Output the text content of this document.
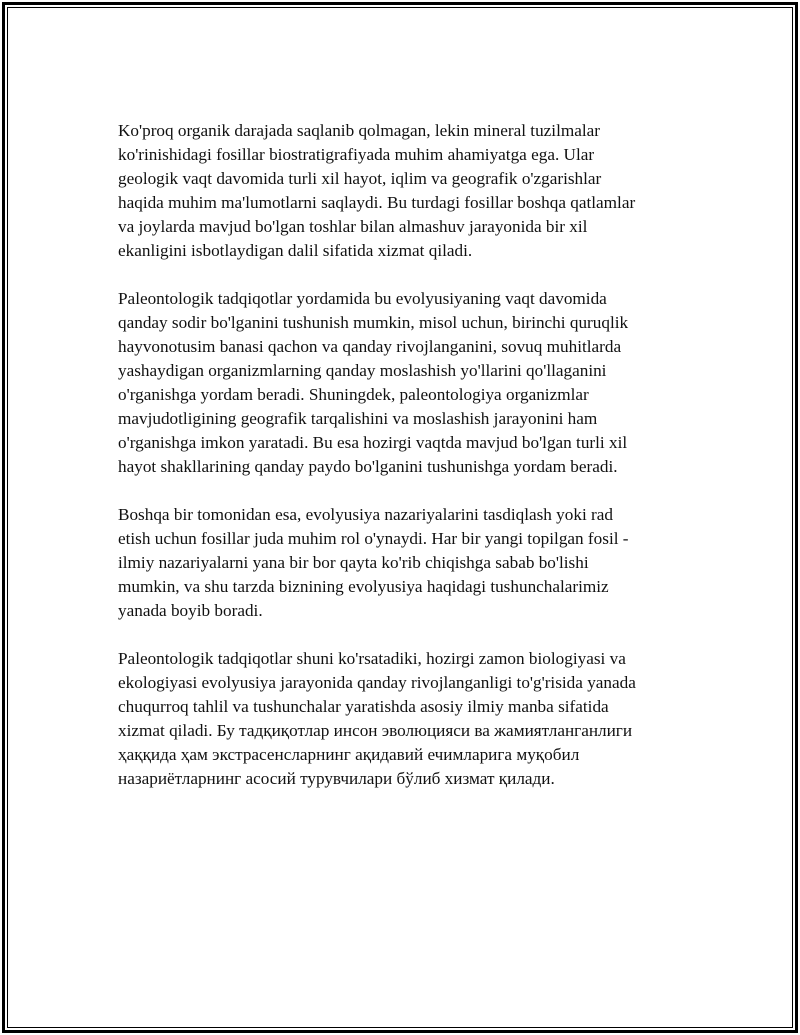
Ko'proq organik darajada saqlanib qolmagan, lekin mineral tuzilmalar
ko'rinishidagi fosillar biostratigrafiyada muhim ahamiyatga ega. Ular
geologik vaqt davomida turli xil hayot, iqlim va geografik o'zgarishlar
haqida muhim ma'lumotlarni saqlaydi. Bu turdagi fosillar boshqa qatlamlar
va joylarda mavjud bo'lgan toshlar bilan almashuv jarayonida bir xil
ekanligini isbotlaydigan dalil sifatida xizmat qiladi.

Paleontologik tadqiqotlar yordamida bu evolyusiyaning vaqt davomida
qanday sodir bo'lganini tushunish mumkin, misol uchun, birinchi quruqlik
hayvonotusim banasi qachon va qanday rivojlanganini, sovuq muhitlarda
yashaydigan organizmlarning qanday moslashish yo'llarini qo'llaganini
o'rganishga yordam beradi. Shuningdek, paleontologiya organizmlar
mavjudotligining geografik tarqalishini va moslashish jarayonini ham
o'rganishga imkon yaratadi. Bu esa hozirgi vaqtda mavjud bo'lgan turli xil
hayot shakllarining qanday paydo bo'lganini tushunishga yordam beradi.

Boshqa bir tomonidan esa, evolyusiya nazariyalarini tasdiqlash yoki rad
etish uchun fosillar juda muhim rol o'ynaydi. Har bir yangi topilgan fosil -
ilmiy nazariyalarni yana bir bor qayta ko'rib chiqishga sabab bo'lishi
mumkin, va shu tarzda biznining evolyusiya haqidagi tushunchalarimiz
yanada boyib boradi.

Paleontologik tadqiqotlar shuni ko'rsatadiki, hozirgi zamon biologiyasi va
ekologiyasi evolyusiya jarayonida qanday rivojlanganligi to'g'risida yanada
chuqurroq tahlil va tushunchalar yaratishda asosiy ilmiy manba sifatida
xizmat qiladi. Бу тадқиқотлар инсон эволюцияси ва жамиятланганлиги
ҳаққида ҳам экстрасенсларнинг ақидавий ечимларига муқобил
назариётларнинг асосий турувчилари бўлиб хизмат қилади.
